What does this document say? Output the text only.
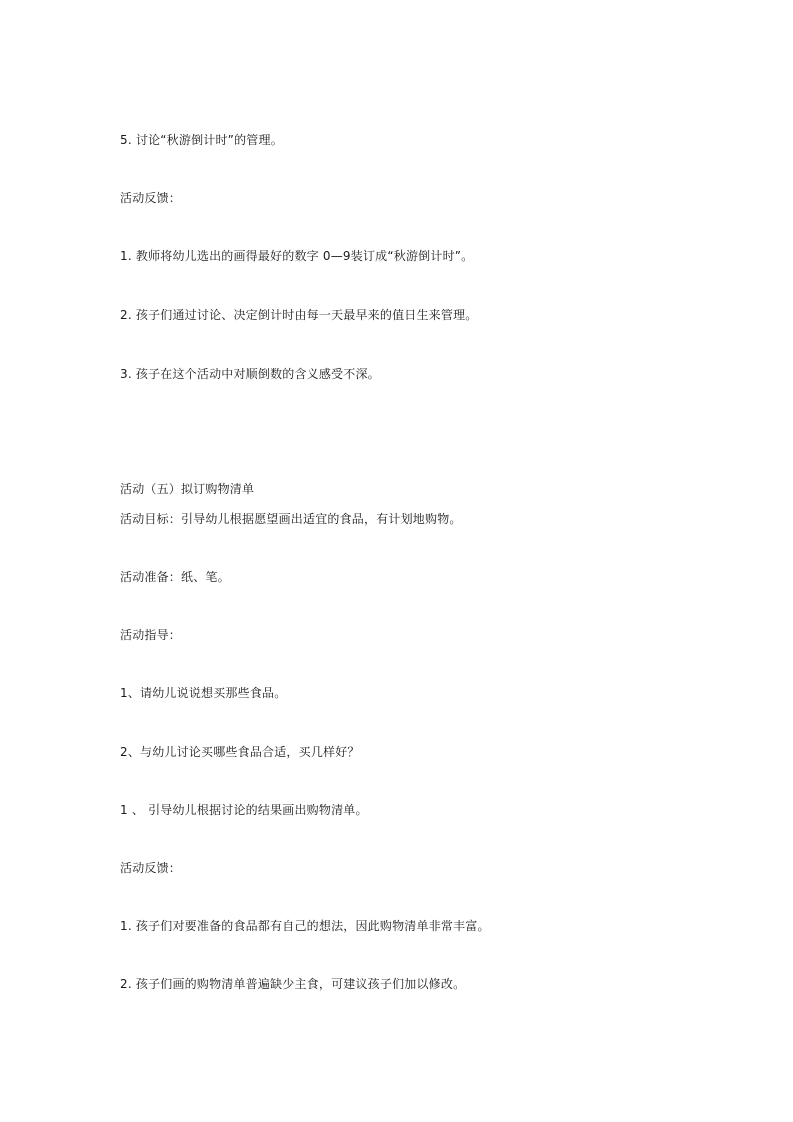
5. 讨论“秋游倒计时”的管理。
活动反馈：
1. 教师将幼儿选出的画得最好的数字 0—9装订成“秋游倒计时”。
2. 孩子们通过讨论、决定倒计时由每一天最早来的值日生来管理。
3. 孩子在这个活动中对顺倒数的含义感受不深。
活动（五）拟订购物清单
活动目标：引导幼儿根据愿望画出适宜的食品，有计划地购物。
活动准备：纸、笔。
活动指导：
1、请幼儿说说想买那些食品。
2、与幼儿讨论买哪些食品合适，买几样好？
1 、 引导幼儿根据讨论的结果画出购物清单。
活动反馈：
1. 孩子们对要准备的食品都有自己的想法，因此购物清单非常丰富。
2. 孩子们画的购物清单普遍缺少主食，可建议孩子们加以修改。
